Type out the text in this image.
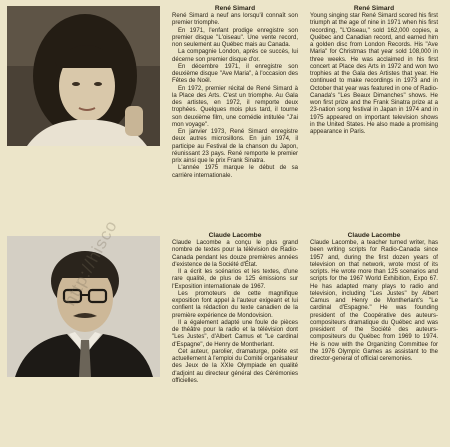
René Simard

René Simard a neuf ans lorsqu'il connaît son premier triomphe.

En 1971, l'enfant prodige enregistre son premier disque "L'oiseau". Une vente record, non seulement au Québec mais au Canada.

La compagnie London, après ce succès, lui décerne son premier disque d'or.

En décembre 1971, il enregistre son deuxième disque "Ave Maria", à l'occasion des Fêtes de Noël.

En 1972, premier récital de René Simard à la Place des Arts. C'est un triomphe. Au Gala des artistes, en 1972, il remporte deux trophées. Quelques mois plus tard, il tourne son deuxième film, une comédie intitulée "J'ai mon voyage".

En janvier 1973, René Simard enregistre deux autres microsillons. En juin 1974, il participe au Festival de la chanson du Japon, réunissant 23 pays. René remporte le premier prix ainsi que le prix Frank Sinatra.

L'année 1975 marque le début de sa carrière internationale.

René Simard

Young singing star René Simard scored his first triumph at the age of nine in 1971 when his first recording, "L'Oiseau," sold 162,000 copies, a Québec and Canadian record, and earned him a golden disc from London Records. His "Ave Maria" for Christmas that year sold 108,000 in three weeks. He was acclaimed in his first concert at Place des Arts in 1972 and won two trophies at the Gala des Artistes that year. He continued to make recordings in 1973 and in October that year was featured in one of Radio-Canada's "Les Beaux Dimanches" shows. He won first prize and the Frank Sinatra prize at a 23-nation song festival in Japan in 1974 and in 1975 appeared on important television shows in the United States. He also made a promising appearance in Paris.

Claude Lacombe

Claude Lacombe a conçu le plus grand nombre de textes pour la télévision de Radio-Canada pendant les douze premières années d'existence de la Société d'État.

Il a écrit les scénarios et les textes, d'une rare qualité, de plus de 125 émissions sur l'Exposition internationale de 1967.

Les promoteurs de cette magnifique exposition font appel à l'auteur exigeant et lui confient la rédaction du texte canadien de la première expérience de Mondovision.

Il a également adapté une foule de pièces de théâtre pour la radio et la télévision dont "Les Justes", d'Albert Camus et "Le cardinal d'Espagne", de Henry de Montherlant.

Cet auteur, parolier, dramaturge, poète est actuellement à l'emploi du Comité organisateur des Jeux de la XXIe Olympiade en qualité d'adjoint au directeur général des Cérémonies officielles.

Claude Lacombe

Claude Lacombe, a teacher turned writer, has been writing scripts for Radio-Canada since 1957 and, during the first dozen years of television on that network, wrote most of its scripts. He wrote more than 125 scenarios and scripts for the 1967 World Exhibition, Expo 67. He has adapted many plays to radio and television, including "Les Justes" by Albert Camus and Henry de Montherlant's "Le cardinal d'Espagne." He was founding president of the Coopérative des auteurs-compositeurs dramatique du Québec and was president of the Société des auteurs-compositeurs du Québec from 1969 to 1974. He is now with the Organizing Committee for the 1976 Olympic Games as assistant to the director-general of official ceremonies.

http://hisco
